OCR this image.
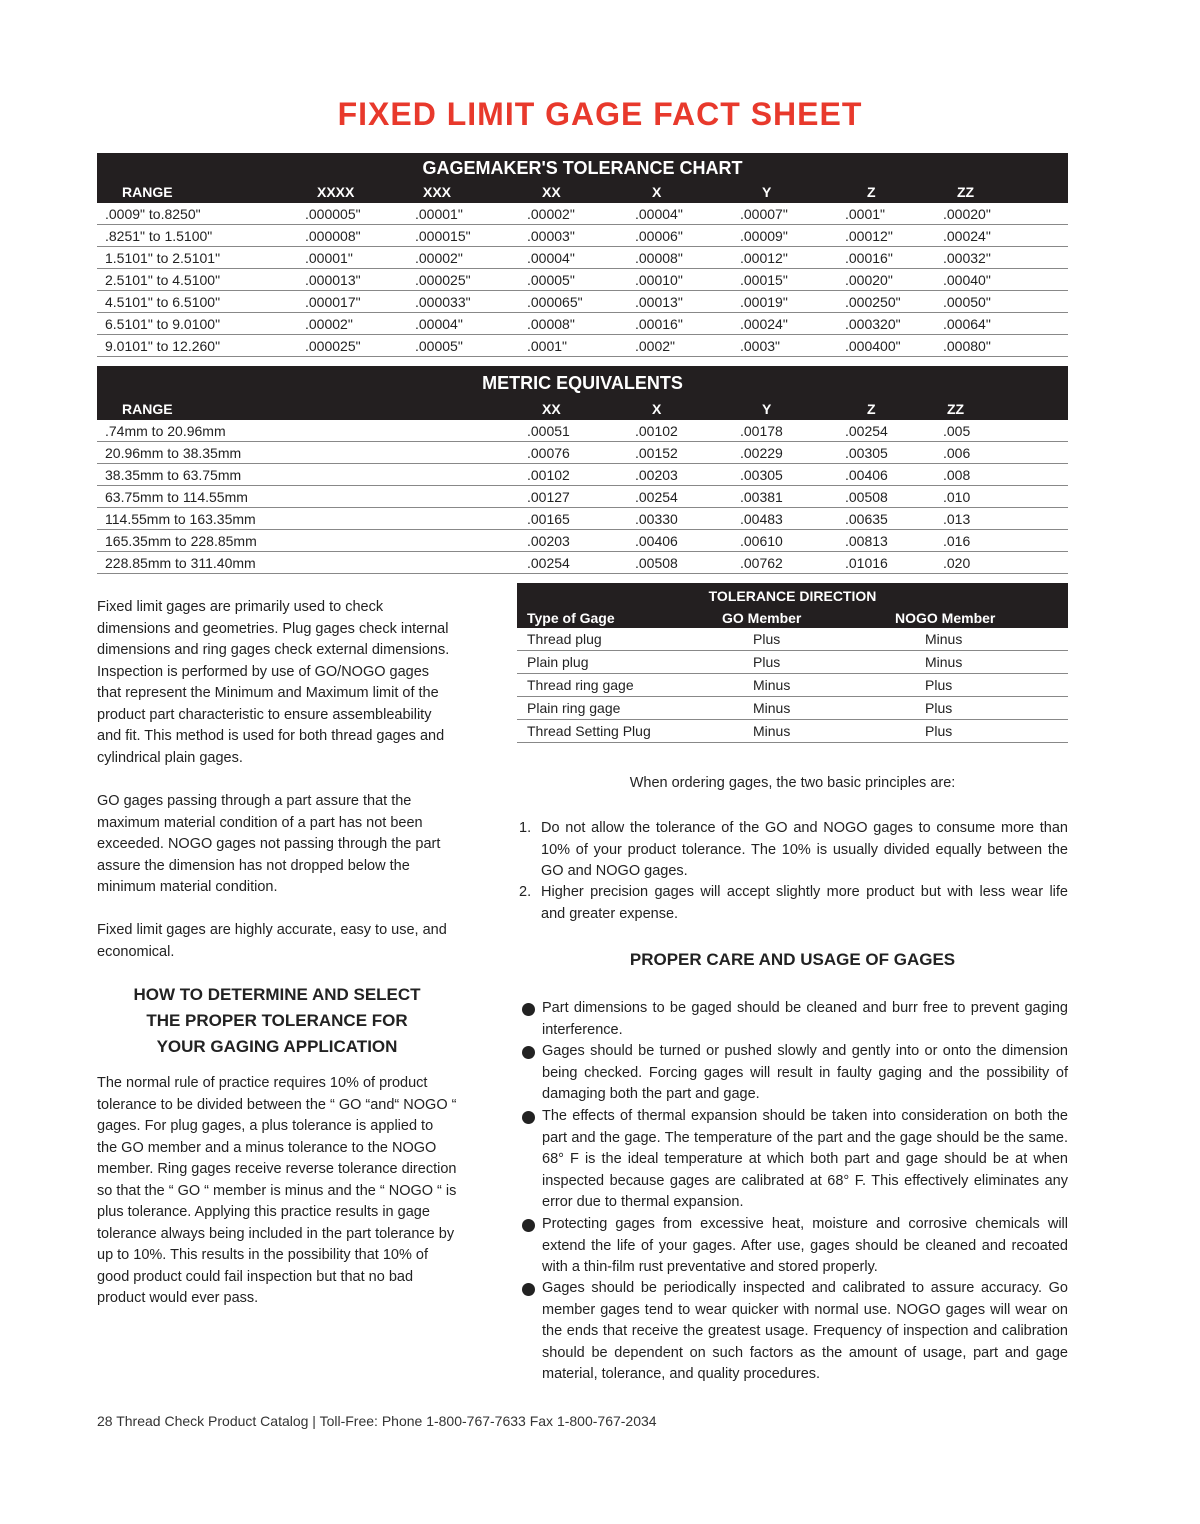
FIXED LIMIT GAGE FACT SHEET
GAGEMAKER'S TOLERANCE CHART
RANGE	XXXX	XXX	XX	X	Y	Z	ZZ
.0009" to.8250"	.000005"	.00001"	.00002"	.00004"	.00007"	.0001"	.00020"
.8251" to 1.5100"	.000008"	.000015"	.00003"	.00006"	.00009"	.00012"	.00024"
1.5101" to 2.5101"	.00001"	.00002"	.00004"	.00008"	.00012"	.00016"	.00032"
2.5101" to 4.5100"	.000013"	.000025"	.00005"	.00010"	.00015"	.00020"	.00040"
4.5101" to 6.5100"	.000017"	.000033"	.000065"	.00013"	.00019"	.000250"	.00050"
6.5101" to 9.0100"	.00002"	.00004"	.00008"	.00016"	.00024"	.000320"	.00064"
9.0101" to 12.260"	.000025"	.00005"	.0001"	.0002"	.0003"	.000400"	.00080"
METRIC EQUIVALENTS
RANGE	XX	X	Y	Z	ZZ
.74mm to 20.96mm	.00051	.00102	.00178	.00254	.005
20.96mm to 38.35mm	.00076	.00152	.00229	.00305	.006
38.35mm to 63.75mm	.00102	.00203	.00305	.00406	.008
63.75mm to 114.55mm	.00127	.00254	.00381	.00508	.010
114.55mm to 163.35mm	.00165	.00330	.00483	.00635	.013
165.35mm to 228.85mm	.00203	.00406	.00610	.00813	.016
228.85mm to 311.40mm	.00254	.00508	.00762	.01016	.020
TOLERANCE DIRECTION
Type of Gage	GO Member	NOGO Member
Thread plug	Plus	Minus
Plain plug	Plus	Minus
Thread ring gage	Minus	Plus
Plain ring gage	Minus	Plus
Thread Setting Plug	Minus	Plus
Fixed limit gages are primarily used to check dimensions and geometries. Plug gages check internal dimensions and ring gages check external dimensions. Inspection is performed by use of GO/NOGO gages that represent the Minimum and Maximum limit of the product part characteristic to ensure assembleability and fit. This method is used for both thread gages and cylindrical plain gages.
GO gages passing through a part assure that the maximum material condition of a part has not been exceeded. NOGO gages not passing through the part assure the dimension has not dropped below the minimum material condition.
Fixed limit gages are highly accurate, easy to use, and economical.
HOW TO DETERMINE AND SELECT
THE PROPER TOLERANCE FOR
YOUR GAGING APPLICATION
The normal rule of practice requires 10% of product tolerance to be divided between the “ GO “and“ NOGO “ gages. For plug gages, a plus tolerance is applied to the GO member and a minus tolerance to the NOGO member. Ring gages receive reverse tolerance direction so that the “ GO “ member is minus and the “ NOGO “ is plus tolerance. Applying this practice results in gage tolerance always being included in the part tolerance by up to 10%. This results in the possibility that 10% of good product could fail inspection but that no bad product would ever pass.
When ordering gages, the two basic principles are:
1. Do not allow the tolerance of the GO and NOGO gages to consume more than 10% of your product tolerance. The 10% is usually divided equally between the GO and NOGO gages.
2. Higher precision gages will accept slightly more product but with less wear life and greater expense.
PROPER CARE AND USAGE OF GAGES
Part dimensions to be gaged should be cleaned and burr free to prevent gaging interference.
Gages should be turned or pushed slowly and gently into or onto the dimension being checked. Forcing gages will result in faulty gaging and the possibility of damaging both the part and gage.
The effects of thermal expansion should be taken into consideration on both the part and the gage. The temperature of the part and the gage should be the same. 68° F is the ideal temperature at which both part and gage should be at when inspected because gages are calibrated at 68° F. This effectively eliminates any error due to thermal expansion.
Protecting gages from excessive heat, moisture and corrosive chemicals will extend the life of your gages. After use, gages should be cleaned and recoated with a thin-film rust preventative and stored properly.
Gages should be periodically inspected and calibrated to assure accuracy. Go member gages tend to wear quicker with normal use. NOGO gages will wear on the ends that receive the greatest usage. Frequency of inspection and calibration should be dependent on such factors as the amount of usage, part and gage material, tolerance, and quality procedures.
28 Thread Check Product Catalog | Toll-Free: Phone 1-800-767-7633 Fax 1-800-767-2034
